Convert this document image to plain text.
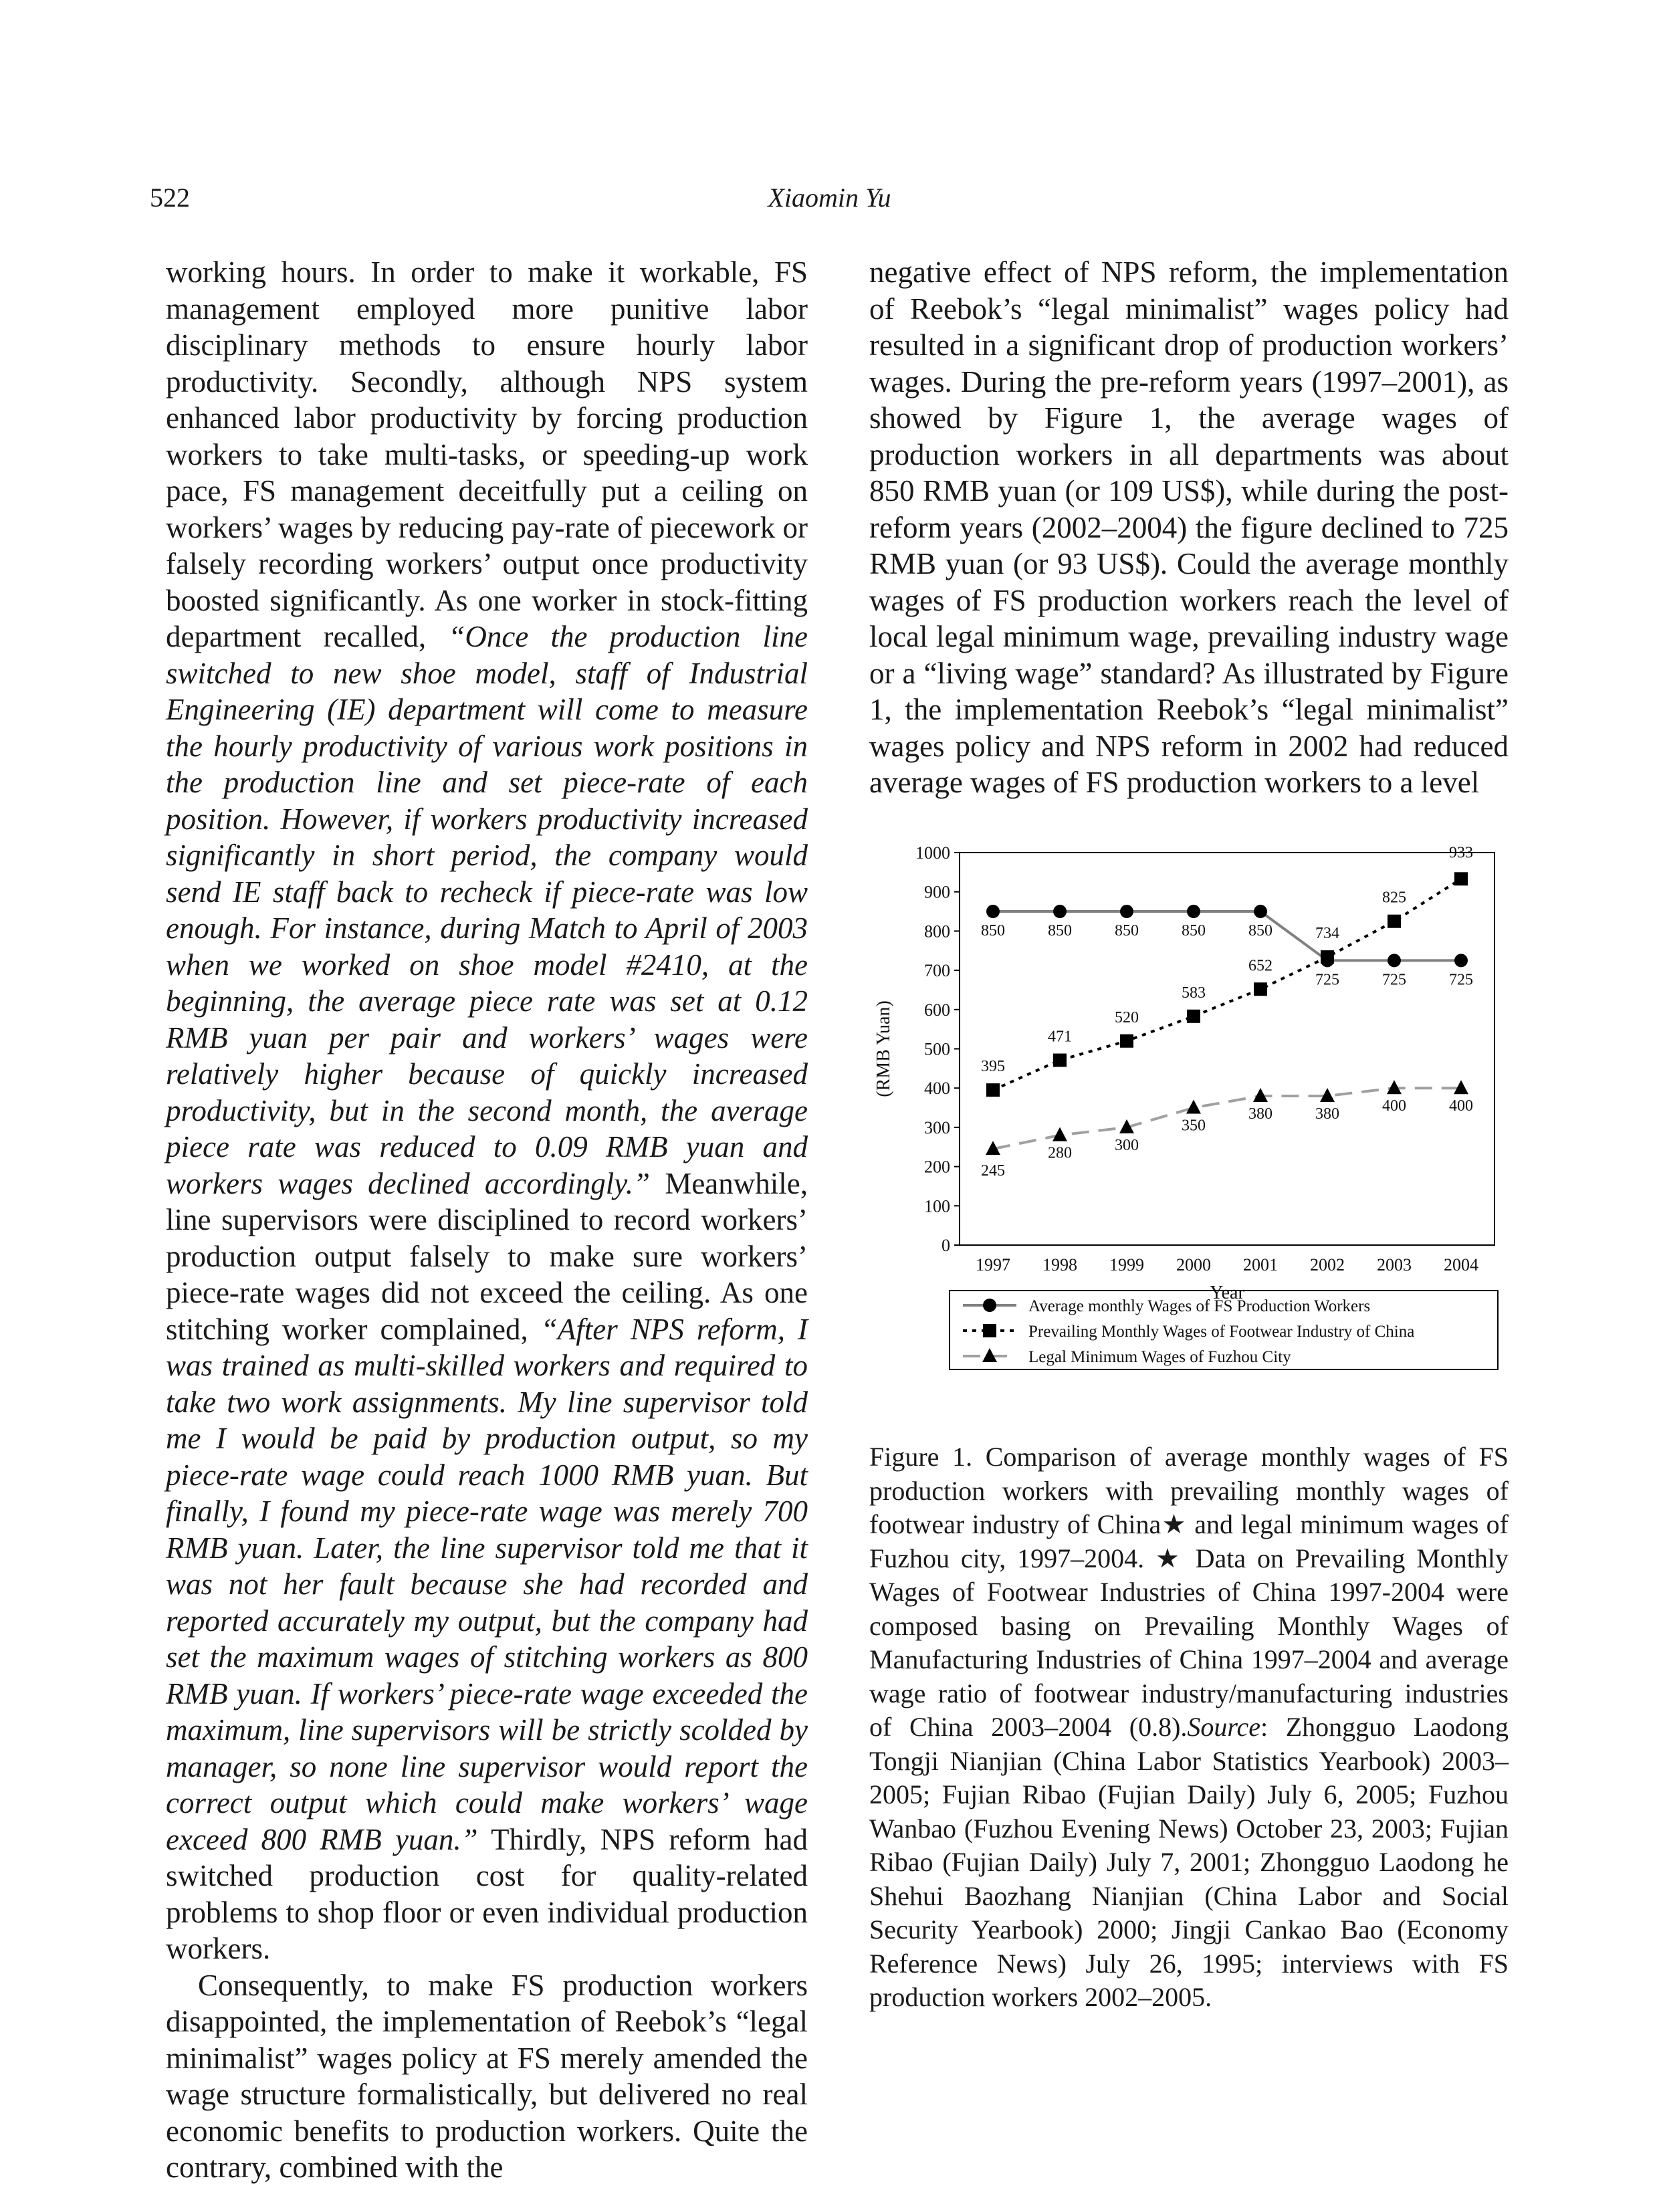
522	Xiaomin Yu

working hours. In order to make it workable, FS management employed more punitive labor disciplinary methods to ensure hourly labor productivity. Secondly, although NPS system enhanced labor productivity by forcing production workers to take multi-tasks, or speeding-up work pace, FS management deceitfully put a ceiling on workers’ wages by reducing pay-rate of piecework or falsely recording workers’ output once productivity boosted significantly. As one worker in stock-fitting department recalled, “Once the production line switched to new shoe model, staff of Industrial Engineering (IE) department will come to measure the hourly productivity of various work positions in the production line and set piece-rate of each position. However, if workers productivity increased significantly in short period, the company would send IE staff back to recheck if piece-rate was low enough. For instance, during Match to April of 2003 when we worked on shoe model #2410, at the beginning, the average piece rate was set at 0.12 RMB yuan per pair and workers’ wages were relatively higher because of quickly increased productivity, but in the second month, the average piece rate was reduced to 0.09 RMB yuan and workers wages declined accordingly.” Meanwhile, line supervisors were disciplined to record workers’ production output falsely to make sure workers’ piece-rate wages did not exceed the ceiling. As one stitching worker complained, “After NPS reform, I was trained as multi-skilled workers and required to take two work assignments. My line supervisor told me I would be paid by production output, so my piece-rate wage could reach 1000 RMB yuan. But finally, I found my piece-rate wage was merely 700 RMB yuan. Later, the line supervisor told me that it was not her fault because she had recorded and reported accurately my output, but the company had set the maximum wages of stitching workers as 800 RMB yuan. If workers’ piece-rate wage exceeded the maximum, line supervisors will be strictly scolded by manager, so none line supervisor would report the correct output which could make workers’ wage exceed 800 RMB yuan.” Thirdly, NPS reform had switched production cost for quality-related problems to shop floor or even individual production workers.

Consequently, to make FS production workers disappointed, the implementation of Reebok’s “legal minimalist” wages policy at FS merely amended the wage structure formalistically, but delivered no real economic benefits to production workers. Quite the contrary, combined with the

negative effect of NPS reform, the implementation of Reebok’s “legal minimalist” wages policy had resulted in a significant drop of production workers’ wages. During the pre-reform years (1997–2001), as showed by Figure 1, the average wages of production workers in all departments was about 850 RMB yuan (or 109 US$), while during the post-reform years (2002–2004) the figure declined to 725 RMB yuan (or 93 US$). Could the average monthly wages of FS production workers reach the level of local legal minimum wage, prevailing industry wage or a “living wage” standard? As illustrated by Figure 1, the implementation Reebok’s “legal minimalist” wages policy and NPS reform in 2002 had reduced average wages of FS production workers to a level

0
100
200
300
400
500
600
700
800
900
1000
1997 1998 1999 2000 2001 2002 2003 2004
Year
(RMB Yuan)
850	850	850	850	850
725	725	725
395
471
520
583
652
734
825
933
245
280	300
350
380	380	400	400
Average monthly Wages of FS Production Workers
Prevailing Monthly Wages of Footwear Industry of China
Legal Minimum Wages of Fuzhou City
Figure 1. Comparison of average monthly wages of FS production workers with prevailing monthly wages of footwear industry of China★ and legal minimum wages of Fuzhou city, 1997–2004. ★ Data on Prevailing Monthly Wages of Footwear Industries of China 1997-2004 were composed basing on Prevailing Monthly Wages of Manufacturing Industries of China 1997–2004 and average wage ratio of footwear industry/manufacturing industries of China 2003–2004 (0.8).Source: Zhongguo Laodong Tongji Nianjian (China Labor Statistics Yearbook) 2003–2005; Fujian Ribao (Fujian Daily) July 6, 2005; Fuzhou Wanbao (Fuzhou Evening News) October 23, 2003; Fujian Ribao (Fujian Daily) July 7, 2001; Zhongguo Laodong he Shehui Baozhang Nianjian (China Labor and Social Security Yearbook) 2000; Jingji Cankao Bao (Economy Reference News) July 26, 1995; interviews with FS production workers 2002–2005.
